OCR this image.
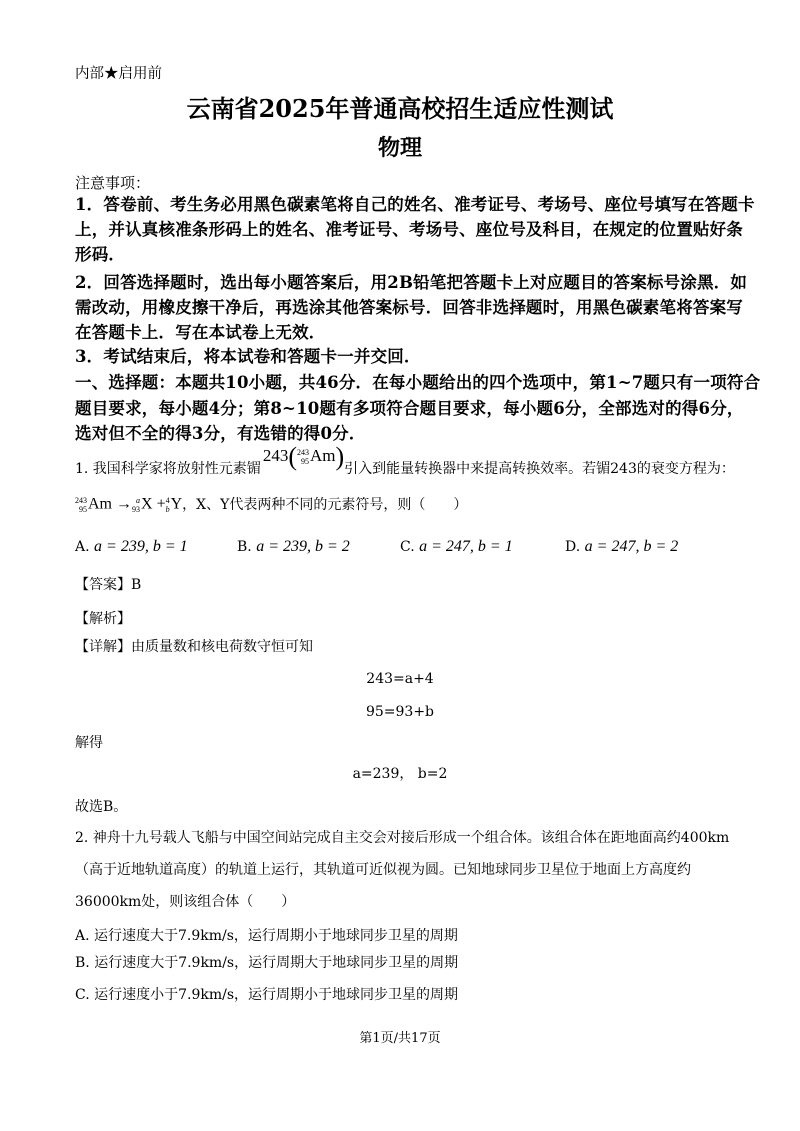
内部★启用前
云南省2025年普通高校招生适应性测试
物理
注意事项：
1．答卷前、考生务必用黑色碳素笔将自己的姓名、准考证号、考场号、座位号填写在答题卡
上，并认真核准条形码上的姓名、准考证号、考场号、座位号及科目，在规定的位置贴好条
形码．
2．回答选择题时，选出每小题答案后，用2B铅笔把答题卡上对应题目的答案标号涂黑．如
需改动，用橡皮擦干净后，再选涂其他答案标号．回答非选择题时，用黑色碳素笔将答案写
在答题卡上．写在本试卷上无效．
3．考试结束后，将本试卷和答题卡一并交回．
一、选择题：本题共10小题，共46分．在每小题给出的四个选项中，第1~7题只有一项符合
题目要求，每小题4分；第8~10题有多项符合题目要求，每小题6分，全部选对的得6分，
选对但不全的得3分，有选错的得0分．
1. 我国科学家将放射性元素镅
243( 243
95 Am) 引入到能量转换器中来提高转换效率。若镅243的衰变方程为：
243
95 Am → a
93 X + 4
b Y ，X、Y代表两种不同的元素符号，则（　　）
A. a = 239, b = 1	B. a = 239, b = 2	C. a = 247, b = 1	D. a = 247, b = 2
【答案】B
【解析】
【详解】由质量数和核电荷数守恒可知
243=a+4
95=93+b
解得
a=239， b=2
故选B。
2. 神舟十九号载人飞船与中国空间站完成自主交会对接后形成一个组合体。该组合体在距地面高约400km
（高于近地轨道高度）的轨道上运行，其轨道可近似视为圆。已知地球同步卫星位于地面上方高度约
36000km处，则该组合体（　　）
A. 运行速度大于7.9km/s，运行周期小于地球同步卫星的周期
B. 运行速度大于7.9km/s，运行周期大于地球同步卫星的周期
C. 运行速度小于7.9km/s，运行周期小于地球同步卫星的周期
第1页/共17页
